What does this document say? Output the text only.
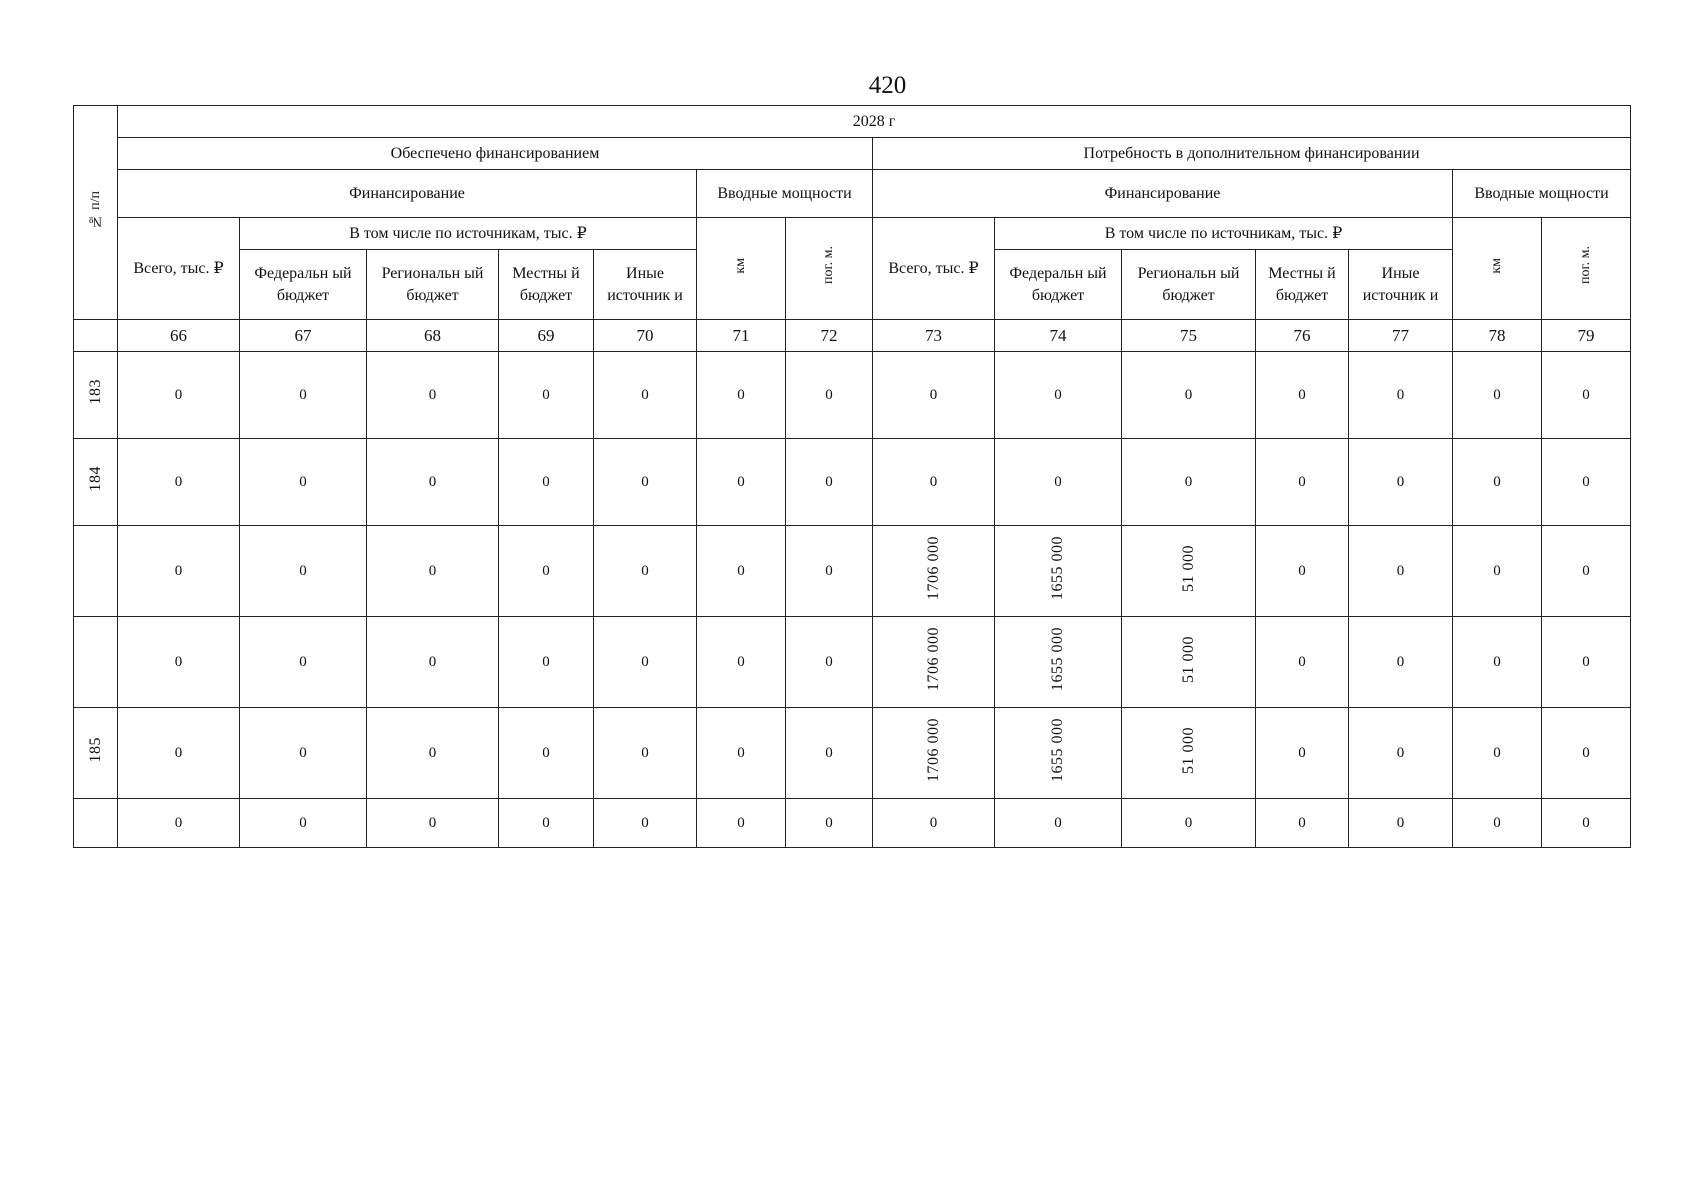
420
№ п/п	2028 г													
	Обеспечено финансированием							Потребность в дополнительном финансировании						
	Финансирование					Вводные мощности		Финансирование					Вводные мощности	
	Всего, тыс. ₽	В том числе по источникам, тыс. ₽				км	пог. м.	Всего, тыс. ₽	В том числе по источникам, тыс. ₽				км	пог. м.

		Федеральн ый бюджет	Региональн ый бюджет	Местны й бюджет	Иные источник и				Федеральн ый бюджет	Региональн ый бюджет	Местны й бюджет	Иные источник и		

	66	67	68	69	70	71	72	73	74	75	76	77	78	79
183	0	0	0	0	0	0	0	0	0	0	0	0	0	0
184	0	0	0	0	0	0	0	0	0	0	0	0	0	0
	0	0	0	0	0	0	0	1706 000	1655 000	51 000	0	0	0	0
	0	0	0	0	0	0	0	1706 000	1655 000	51 000	0	0	0	0
185	0	0	0	0	0	0	0	1706 000	1655 000	51 000	0	0	0	0
	0	0	0	0	0	0	0	0	0	0	0	0	0	0
